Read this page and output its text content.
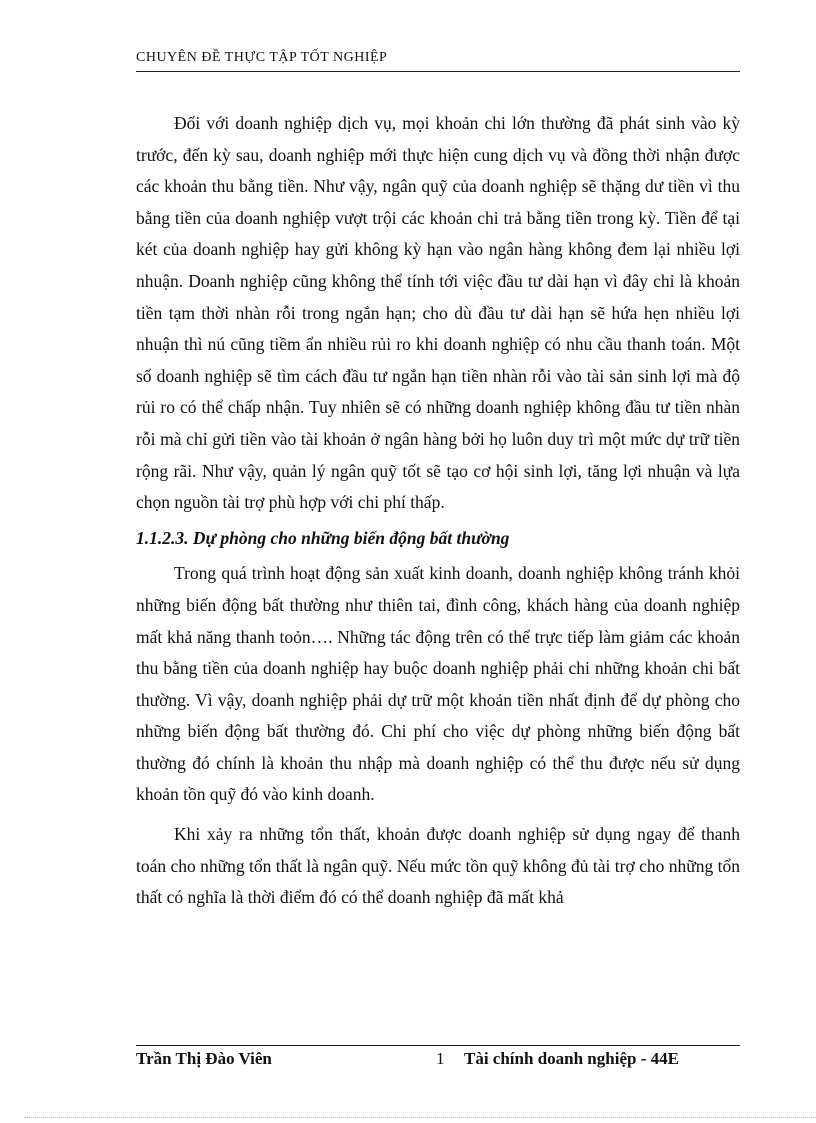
CHUYÊN ĐỀ THỰC TẬP TỐT NGHIỆP

Đối với doanh nghiệp dịch vụ, mọi khoản chi lớn thường đã phát sinh vào kỳ trước, đến kỳ sau, doanh nghiệp mới thực hiện cung dịch vụ và đồng thời nhận được các khoản thu bằng tiền. Như vậy, ngân quỹ của doanh nghiệp sẽ thặng dư tiền vì thu bằng tiền của doanh nghiệp vượt trội các khoản chi trả bằng tiền trong kỳ. Tiền để tại két của doanh nghiệp hay gửi không kỳ hạn vào ngân hàng không đem lại nhiều lợi nhuận. Doanh nghiệp cũng không thể tính tới việc đầu tư dài hạn vì đây chỉ là khoản tiền tạm thời nhàn rỗi trong ngắn hạn; cho dù đầu tư dài hạn sẽ hứa hẹn nhiều lợi nhuận thì nú cũng tiềm ẩn nhiều rủi ro khi doanh nghiệp có nhu cầu thanh toán. Một số doanh nghiệp sẽ tìm cách đầu tư ngắn hạn tiền nhàn rỗi vào tài sản sinh lợi mà độ rủi ro có thể chấp nhận. Tuy nhiên sẽ có những doanh nghiệp không đầu tư tiền nhàn rỗi mà chỉ gửi tiền vào tài khoản ở ngân hàng bởi họ luôn duy trì một mức dự trữ tiền rộng rãi. Như vậy, quản lý ngân quỹ tốt sẽ tạo cơ hội sinh lợi, tăng lợi nhuận và lựa chọn nguồn tài trợ phù hợp với chi phí thấp.

1.1.2.3. Dự phòng cho những biến động bất thường

Trong quá trình hoạt động sản xuất kinh doanh, doanh nghiệp không tránh khỏi những biến động bất thường như thiên tai, đình công, khách hàng của doanh nghiệp mất khả năng thanh toỏn…. Những tác động trên có thể trực tiếp làm giảm các khoản thu bằng tiền của doanh nghiệp hay buộc doanh nghiệp phải chi những khoản chi bất thường. Vì vậy, doanh nghiệp phải dự trữ một khoản tiền nhất định để dự phòng cho những biến động bất thường đó. Chi phí cho việc dự phòng những biến động bất thường đó chính là khoản thu nhập mà doanh nghiệp có thể thu được nếu sử dụng khoản tồn quỹ đó vào kinh doanh.

Khi xảy ra những tổn thất, khoản được doanh nghiệp sử dụng ngay để thanh toán cho những tổn thất là ngân quỹ. Nếu mức tồn quỹ không đủ tài trợ cho những tổn thất có nghĩa là thời điểm đó có thể doanh nghiệp đã mất khả

Trần Thị Đào Viên	1 Tài chính doanh nghiệp - 44E
